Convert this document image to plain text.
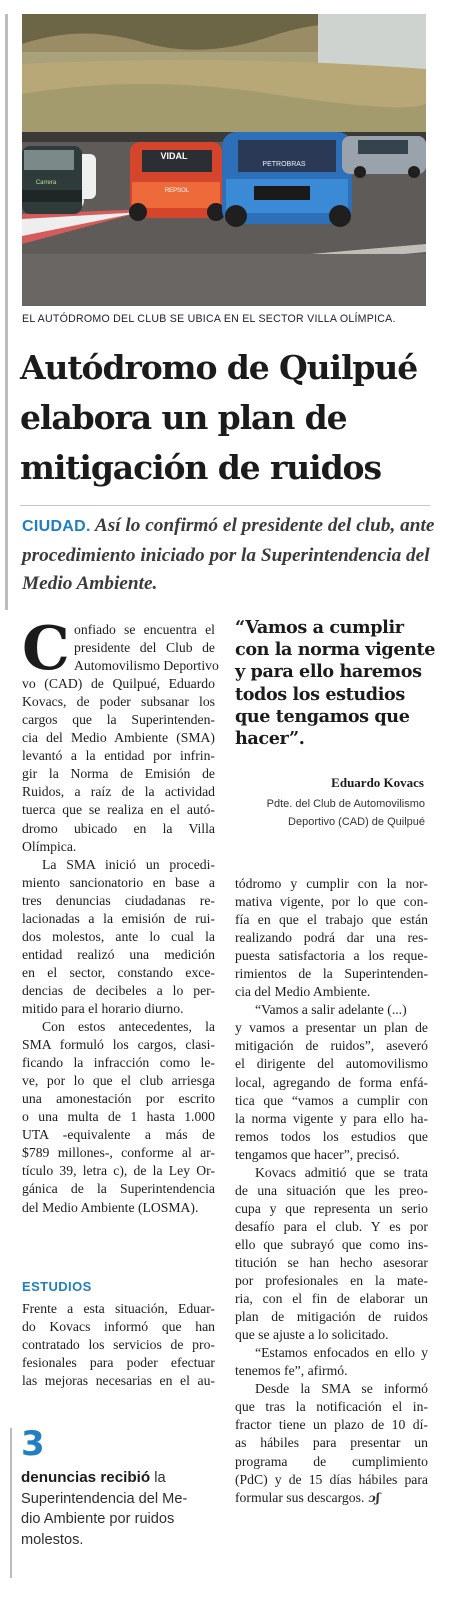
VIDAL
REPSOL
PETROBRAS
Carrera
EL AUTÓDROMO DEL CLUB SE UBICA EN EL SECTOR VILLA OLÍMPICA.
Autódromo de Quilpué
elabora un plan de
mitigación de ruidos
CIUDAD. Así lo confirmó el presidente del club, ante procedimiento iniciado por la Superintendencia del Medio Ambiente.
C onfiado se encuentra el
presidente del Club de
Automovilismo Deportivo
vo (CAD) de Quilpué, Eduardo
Kovacs, de poder subsanar los
cargos que la Superintenden-
cia del Medio Ambiente (SMA)
levantó a la entidad por infrin-
gir la Norma de Emisión de
Ruidos, a raíz de la actividad
tuerca que se realiza en el autó-
dromo ubicado en la Villa
Olímpica.
La SMA inició un procedi-
miento sancionatorio en base a
tres denuncias ciudadanas re-
lacionadas a la emisión de rui-
dos molestos, ante lo cual la
entidad realizó una medición
en el sector, constando exce-
dencias de decibeles a lo per-
mitido para el horario diurno.
Con estos antecedentes, la
SMA formuló los cargos, clasi-
ficando la infracción como le-
ve, por lo que el club arriesga
una amonestación por escrito
o una multa de 1 hasta 1.000
UTA -equivalente a más de
$789 millones-, conforme al ar-
tículo 39, letra c), de la Ley Or-
gánica de la Superintendencia
del Medio Ambiente (LOSMA).
ESTUDIOS
Frente a esta situación, Eduar-
do Kovacs informó que han
contratado los servicios de pro-
fesionales para poder efectuar
las mejoras necesarias en el au-
“Vamos a cumplir
con la norma vigente
y para ello haremos
todos los estudios
que tengamos que
hacer”.
Eduardo Kovacs
Pdte. del Club de Automovilismo
Deportivo (CAD) de Quilpué
tódromo y cumplir con la nor-
mativa vigente, por lo que con-
fía en que el trabajo que están
realizando podrá dar una res-
puesta satisfactoria a los reque-
rimientos de la Superintenden-
cia del Medio Ambiente.
“Vamos a salir adelante (...)
y vamos a presentar un plan de
mitigación de ruidos”, aseveró
el dirigente del automovilismo
local, agregando de forma enfá-
tica que “vamos a cumplir con
la norma vigente y para ello ha-
remos todos los estudios que
tengamos que hacer”, precisó.
Kovacs admitió que se trata
de una situación que les preo-
cupa y que representa un serio
desafío para el club. Y es por
ello que subrayó que como ins-
titución se han hecho asesorar
por profesionales en la mate-
ria, con el fin de elaborar un
plan de mitigación de ruidos
que se ajuste a lo solicitado.
“Estamos enfocados en ello y
tenemos fe”, afirmó.
Desde la SMA se informó
que tras la notificación el in-
fractor tiene un plazo de 10 dí-
as hábiles para presentar un
programa de cumplimiento
(PdC) y de 15 días hábiles para
formular sus descargos. ɔʃ
3
denuncias recibió la
Superintendencia del Me-
dio Ambiente por ruidos
molestos.
